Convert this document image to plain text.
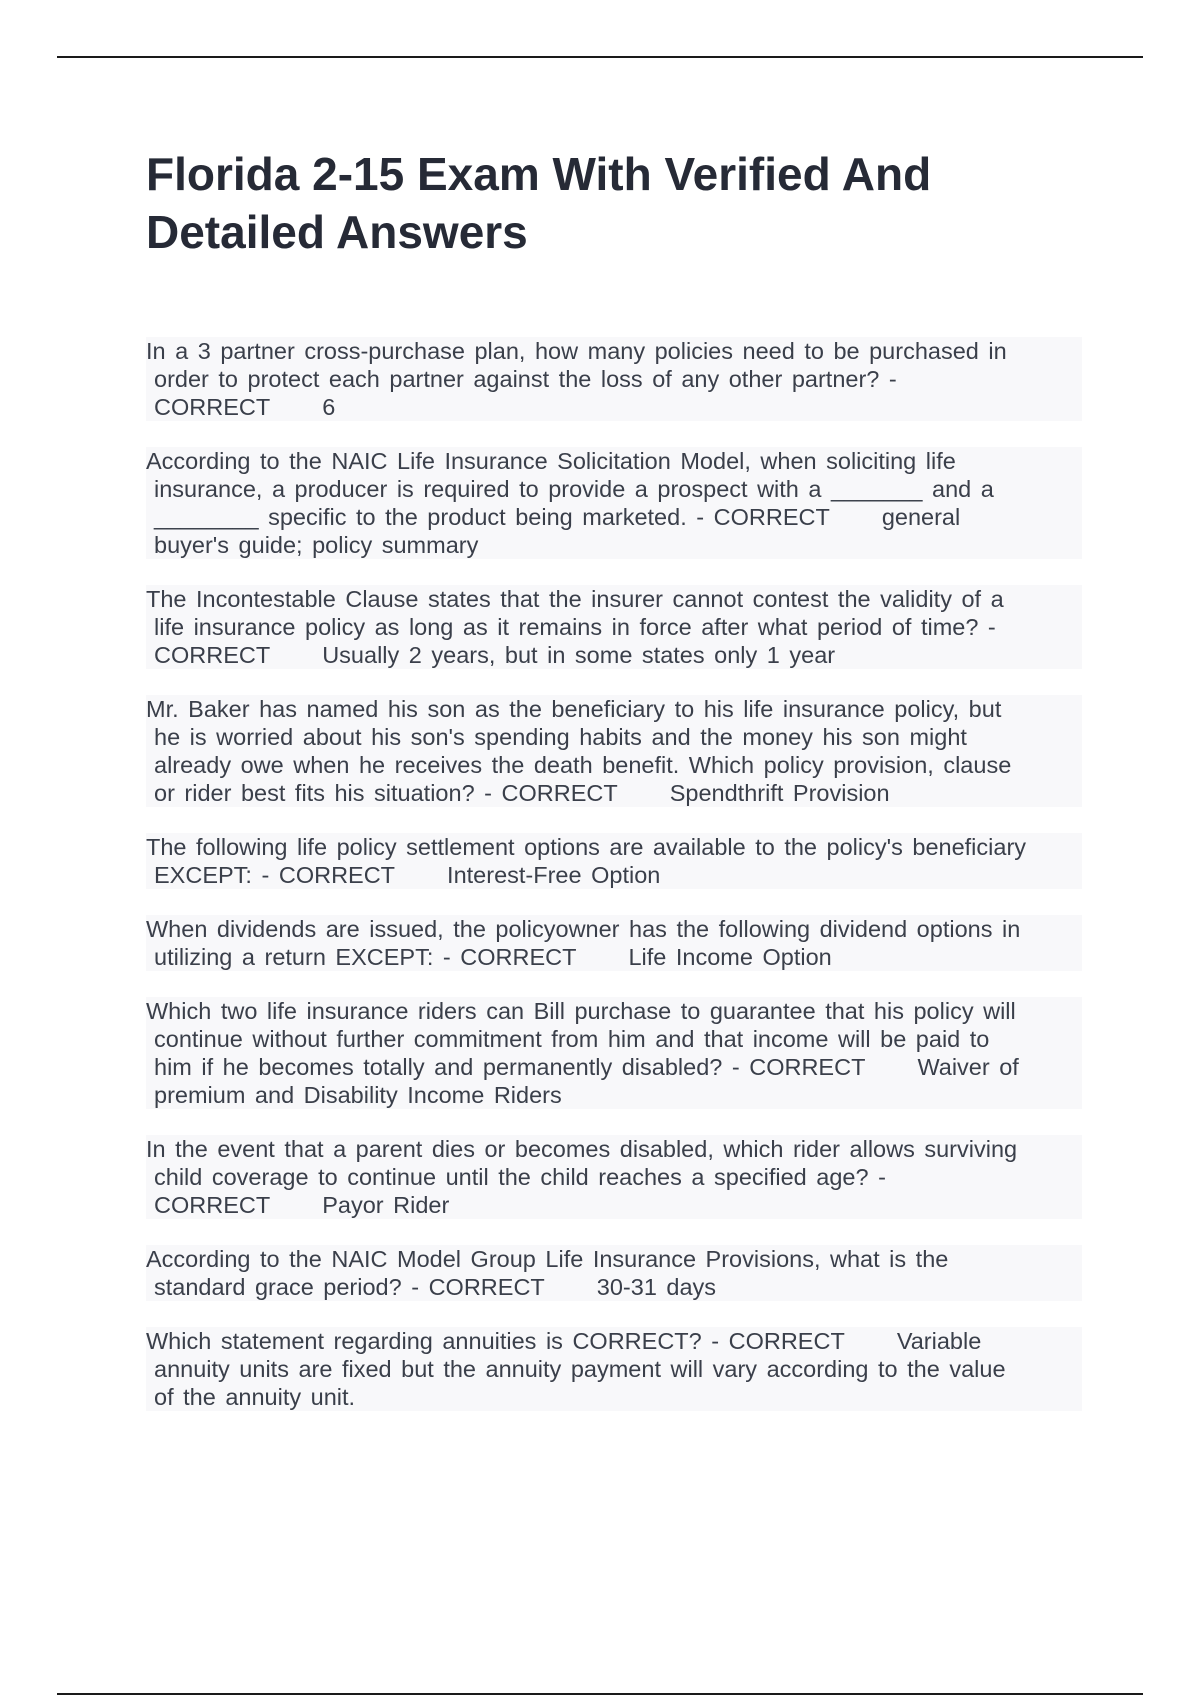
Florida 2-15 Exam With Verified And
Detailed Answers
In a 3 partner cross-purchase plan, how many policies need to be purchased in
order to protect each partner against the loss of any other partner? -
CORRECT 6
According to the NAIC Life Insurance Solicitation Model, when soliciting life
insurance, a producer is required to provide a prospect with a _______ and a
________ specific to the product being marketed. - CORRECT general
buyer's guide; policy summary
The Incontestable Clause states that the insurer cannot contest the validity of a
life insurance policy as long as it remains in force after what period of time? -
CORRECT Usually 2 years, but in some states only 1 year
Mr. Baker has named his son as the beneficiary to his life insurance policy, but
he is worried about his son's spending habits and the money his son might
already owe when he receives the death benefit. Which policy provision, clause
or rider best fits his situation? - CORRECT Spendthrift Provision
The following life policy settlement options are available to the policy's beneficiary
EXCEPT: - CORRECT Interest-Free Option
When dividends are issued, the policyowner has the following dividend options in
utilizing a return EXCEPT: - CORRECT Life Income Option
Which two life insurance riders can Bill purchase to guarantee that his policy will
continue without further commitment from him and that income will be paid to
him if he becomes totally and permanently disabled? - CORRECT Waiver of
premium and Disability Income Riders
In the event that a parent dies or becomes disabled, which rider allows surviving
child coverage to continue until the child reaches a specified age? -
CORRECT Payor Rider
According to the NAIC Model Group Life Insurance Provisions, what is the
standard grace period? - CORRECT 30-31 days
Which statement regarding annuities is CORRECT? - CORRECT Variable
annuity units are fixed but the annuity payment will vary according to the value
of the annuity unit.
